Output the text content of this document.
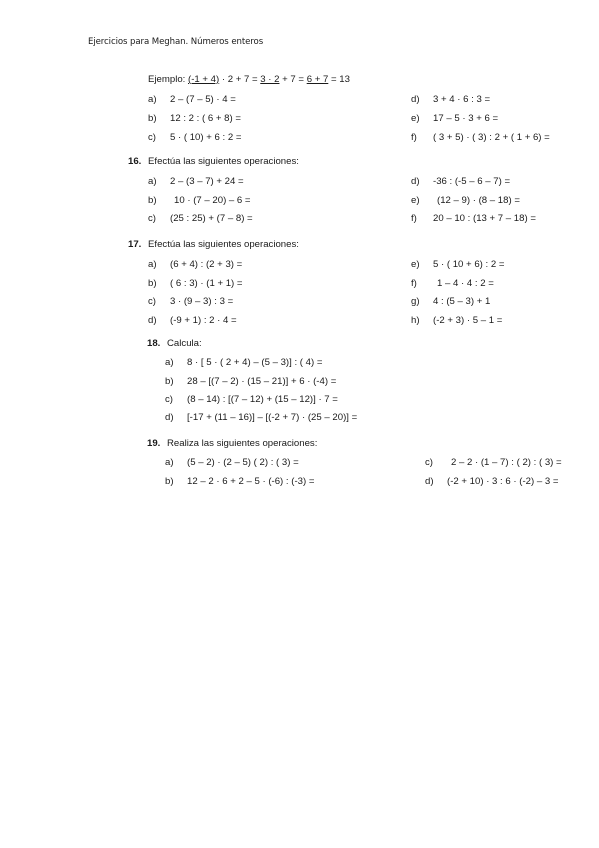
Ejercicios para Meghan. Números enteros
Ejemplo: (-1 + 4) · 2 + 7 = 3 · 2 + 7 = 6 + 7 = 13
a) 2 – (7 – 5) · 4 =
b) 12 : 2 : ( 6 + 8) =
c) 5 · ( 10) + 6 : 2 =
d) 3 + 4 · 6 : 3 =
e) 17 – 5 · 3 + 6 =
f) ( 3 + 5) · ( 3) : 2 + ( 1 + 6) =
16. Efectúa las siguientes operaciones:
a) 2 – (3 – 7) + 24 =
b) 10 · (7 – 20) – 6 =
c) (25 : 25) + (7 – 8) =
d) -36 : (-5 – 6 – 7) =
e) (12 – 9) · (8 – 18) =
f) 20 – 10 : (13 + 7 – 18) =
17. Efectúa las siguientes operaciones:
a) (6 + 4) : (2 + 3) =
b) ( 6 : 3) · (1 + 1) =
c) 3 · (9 – 3) : 3 =
d) (-9 + 1) : 2 · 4 =
e) 5 · ( 10 + 6) : 2 =
f) 1 – 4 · 4 : 2 =
g) 4 : (5 – 3) + 1
h) (-2 + 3) · 5 – 1 =
18. Calcula:
a) 8 · [ 5 · ( 2 + 4) – (5 – 3)] : ( 4) =
b) 28 – [(7 – 2) · (15 – 21)] + 6 · (-4) =
c) (8 – 14) : [(7 – 12) + (15 – 12)] · 7 =
d) [-17 + (11 – 16)] – [(-2 + 7) · (25 – 20)] =
19. Realiza las siguientes operaciones:
a) (5 – 2) · (2 – 5) ( 2) : ( 3) =
b) 12 – 2 · 6 + 2 – 5 · (-6) : (-3) =
c) 2 – 2 · (1 – 7) : ( 2) : ( 3) =
d) (-2 + 10) · 3 : 6 · (-2) – 3 =
